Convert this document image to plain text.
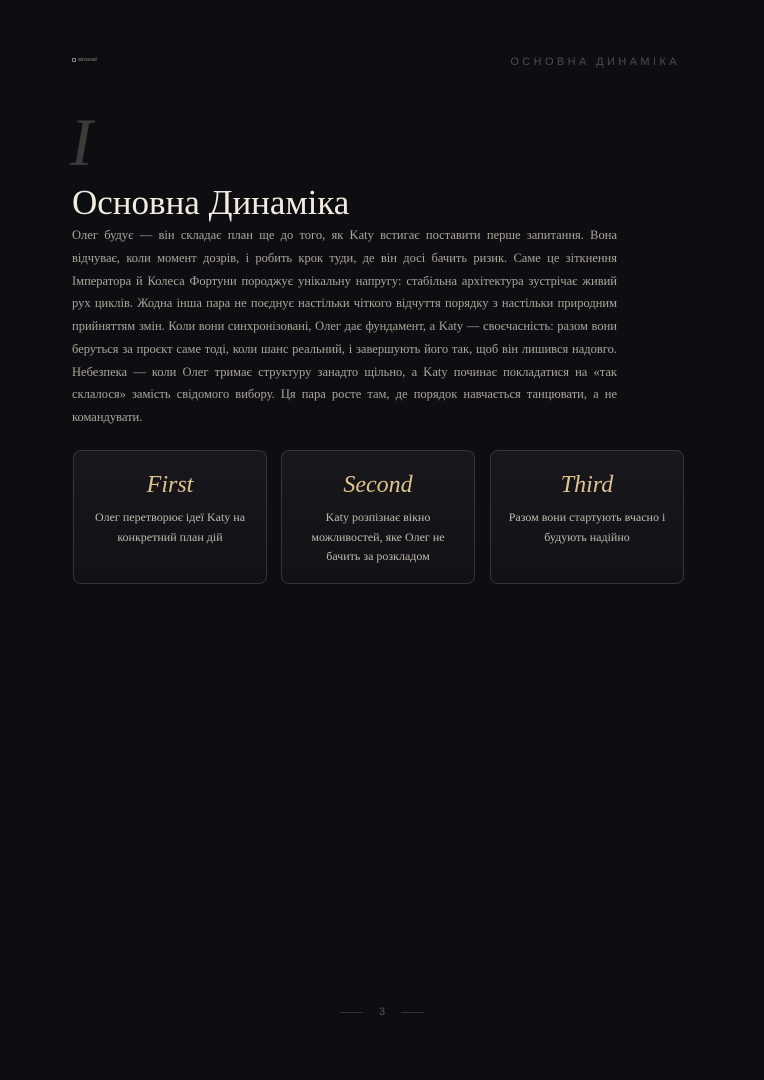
ainsead	ОСНОВНА ДИНАМІКА
I
Основна Динаміка

Олег будує — він складає план ще до того, як Katy встигає поставити перше запитання. Вона відчуває, коли момент дозрів, і робить крок туди, де він досі бачить ризик. Саме це зіткнення Імператора й Колеса Фортуни породжує унікальну напругу: стабільна архітектура зустрічає живий рух циклів. Жодна інша пара не поєднує настільки чіткого відчуття порядку з настільки природним прийняттям змін. Коли вони синхронізовані, Олег дає фундамент, а Katy — своєчасність: разом вони беруться за проєкт саме тоді, коли шанс реальний, і завершують його так, щоб він лишився надовго. Небезпека — коли Олег тримає структуру занадто щільно, а Katy починає покладатися на «так склалося» замість свідомого вибору. Ця пара росте там, де порядок навчається танцювати, а не командувати.

First
Олег перетворює ідеї Katy на конкретний план дій
Second
Katy розпізнає вікно можливостей, яке Олег не бачить за розкладом
Third
Разом вони стартують вчасно і будують надійно
3
